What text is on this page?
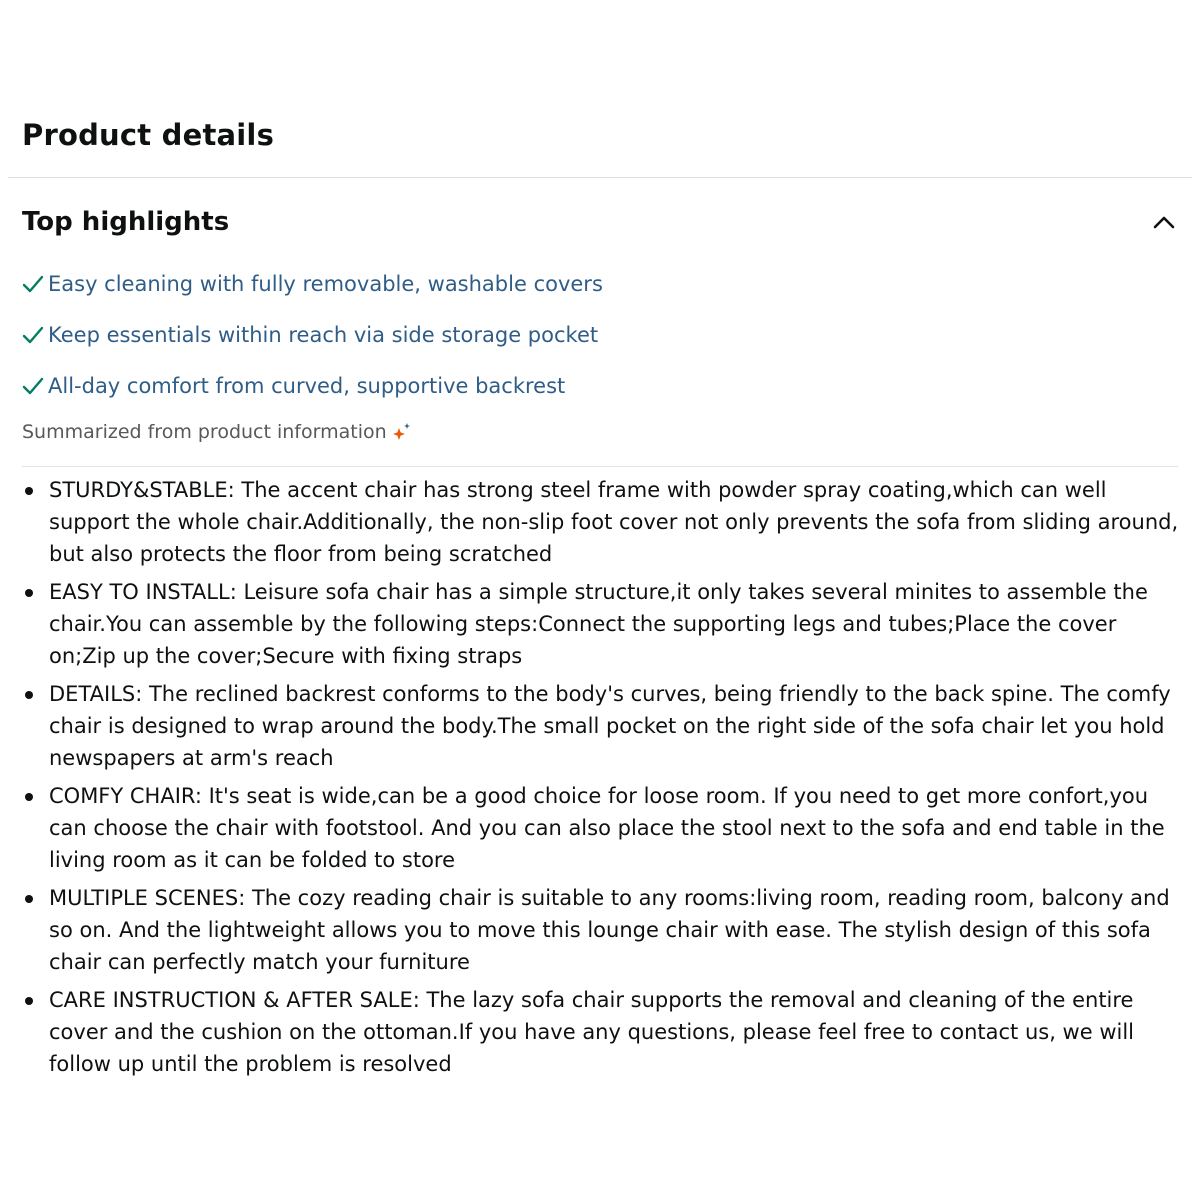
Product details
Top highlights
Easy cleaning with fully removable, washable covers
Keep essentials within reach via side storage pocket
All-day comfort from curved, supportive backrest
Summarized from product information
STURDY&STABLE: The accent chair has strong steel frame with powder spray coating,which can well support the whole chair.Additionally, the non-slip foot cover not only prevents the sofa from sliding around, but also protects the floor from being scratched
EASY TO INSTALL: Leisure sofa chair has a simple structure,it only takes several minites to assemble the chair.You can assemble by the following steps:Connect the supporting legs and tubes;Place the cover on;Zip up the cover;Secure with fixing straps
DETAILS: The reclined backrest conforms to the body's curves, being friendly to the back spine. The comfy chair is designed to wrap around the body.The small pocket on the right side of the sofa chair let you hold newspapers at arm's reach
COMFY CHAIR: It's seat is wide,can be a good choice for loose room. If you need to get more confort,you can choose the chair with footstool. And you can also place the stool next to the sofa and end table in the living room as it can be folded to store
MULTIPLE SCENES: The cozy reading chair is suitable to any rooms:living room, reading room, balcony and so on. And the lightweight allows you to move this lounge chair with ease. The stylish design of this sofa chair can perfectly match your furniture
CARE INSTRUCTION & AFTER SALE: The lazy sofa chair supports the removal and cleaning of the entire cover and the cushion on the ottoman.If you have any questions, please feel free to contact us, we will follow up until the problem is resolved
